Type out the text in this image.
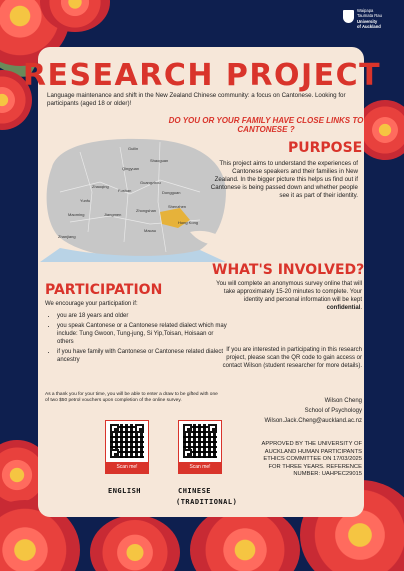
Waipapa
Taumata Rau
University
of Auckland
RESEARCH PROJECT
Language maintenance and shift in the New Zealand Chinese community: a focus on Cantonese. Looking for participants (aged 18 or older)!
DO YOU OR YOUR FAMILY HAVE CLOSE LINKS TO CANTONESE ?
Guilin
Shaoguan
Guangzhou
Foshan	Dongguan
Zhaoqing
Jiangmen
Zhongshan
Shenzhen
Hong Kong
Macau
Maoming
Zhanjiang
Yunfu
Qingyuan
PURPOSE
This project aims to understand the experiences of Cantonese speakers and their families in New Zealand. In the bigger picture this helps us find out if Cantonese is being passed down and whether people see it as part of their identity.
WHAT'S INVOLVED?
You will complete an anonymous survey online that will take approximately 15-20 minutes to complete. Your identity and personal information will be kept confidential.
If you are interested in participating in this research project, please scan the QR code to gain access or contact Wilson (student researcher for more details).
Wilson Cheng
School of Psychology
Wilson.Jack.Cheng@auckland.ac.nz
PARTICIPATION
We encourage your participation if:
• you are 18 years and older
• you speak Cantonese or a Cantonese related dialect which may include: Tung Gwoon, Tung-jung, Si Yip,Toisan, Hoisaan or others
• if you have family with Cantonese or Cantonese related dialect ancestry
As a thank you for your time, you will be able to enter a draw to be gifted with one of two $50 petrol vouchers upon completion of the online survey.
Scan me!	Scan me!
ENGLISH	CHINESE
(TRADITIONAL)
APPROVED BY THE UNIVERSITY OF AUCKLAND HUMAN PARTICIPANTS ETHICS COMMITTEE ON 17/03/2025 FOR THREE YEARS. REFERENCE NUMBER: UAHPEC29015
